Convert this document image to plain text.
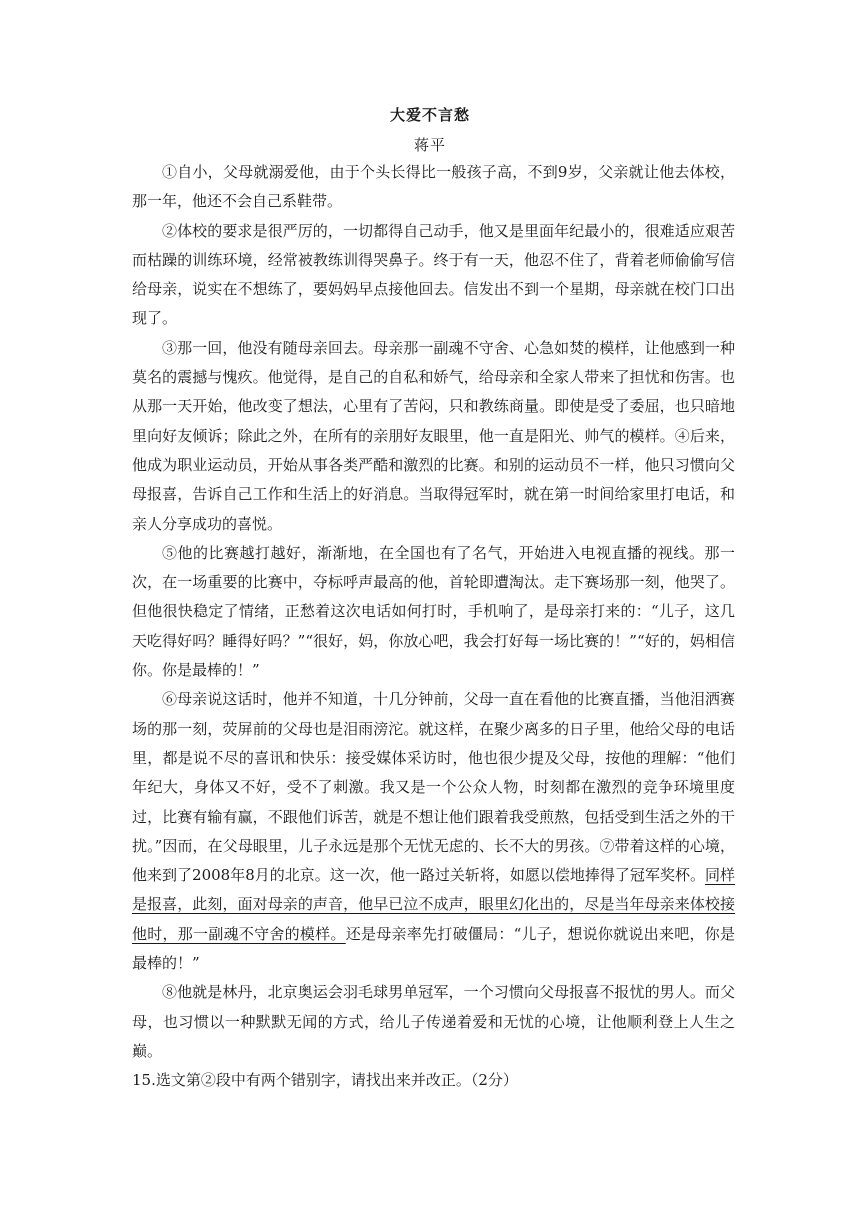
大爱不言愁
蒋平

①自小，父母就溺爱他，由于个头长得比一般孩子高，不到9岁，父亲就让他去体校，那一年，他还不会自己系鞋带。

②体校的要求是很严厉的，一切都得自己动手，他又是里面年纪最小的，很难适应艰苦而枯躁的训练环境，经常被教练训得哭鼻子。终于有一天，他忍不住了，背着老师偷偷写信给母亲，说实在不想练了，要妈妈早点接他回去。信发出不到一个星期，母亲就在校门口出现了。

③那一回，他没有随母亲回去。母亲那一副魂不守舍、心急如焚的模样，让他感到一种莫名的震撼与愧疚。他觉得，是自己的自私和娇气，给母亲和全家人带来了担忧和伤害。也从那一天开始，他改变了想法，心里有了苦闷，只和教练商量。即使是受了委屈，也只暗地里向好友倾诉；除此之外，在所有的亲朋好友眼里，他一直是阳光、帅气的模样。④后来，他成为职业运动员，开始从事各类严酷和激烈的比赛。和别的运动员不一样，他只习惯向父母报喜，告诉自己工作和生活上的好消息。当取得冠军时，就在第一时间给家里打电话，和亲人分享成功的喜悦。

⑤他的比赛越打越好，渐渐地，在全国也有了名气，开始进入电视直播的视线。那一次，在一场重要的比赛中，夺标呼声最高的他，首轮即遭淘汰。走下赛场那一刻，他哭了。但他很快稳定了情绪，正愁着这次电话如何打时，手机响了，是母亲打来的：“儿子，这几天吃得好吗？睡得好吗？”“很好，妈，你放心吧，我会打好每一场比赛的！”“好的，妈相信你。你是最棒的！”

⑥母亲说这话时，他并不知道，十几分钟前，父母一直在看他的比赛直播，当他泪洒赛场的那一刻，荧屏前的父母也是泪雨滂沱。就这样，在聚少离多的日子里，他给父母的电话里，都是说不尽的喜讯和快乐：接受媒体采访时，他也很少提及父母，按他的理解：“他们年纪大，身体又不好，受不了刺激。我又是一个公众人物，时刻都在激烈的竞争环境里度过，比赛有输有赢，不跟他们诉苦，就是不想让他们跟着我受煎熬，包括受到生活之外的干扰。”因而，在父母眼里，儿子永远是那个无忧无虑的、长不大的男孩。⑦带着这样的心境，他来到了2008年8月的北京。这一次，他一路过关斩将，如愿以偿地捧得了冠军奖杯。同样是报喜，此刻，面对母亲的声音，他早已泣不成声，眼里幻化出的，尽是当年母亲来体校接他时，那一副魂不守舍的模样。还是母亲率先打破僵局：“儿子，想说你就说出来吧，你是最棒的！”

⑧他就是林丹，北京奥运会羽毛球男单冠军，一个习惯向父母报喜不报忧的男人。而父母，也习惯以一种默默无闻的方式，给儿子传递着爱和无忧的心境，让他顺利登上人生之巅。

15.选文第②段中有两个错别字，请找出来并改正。（2分）
